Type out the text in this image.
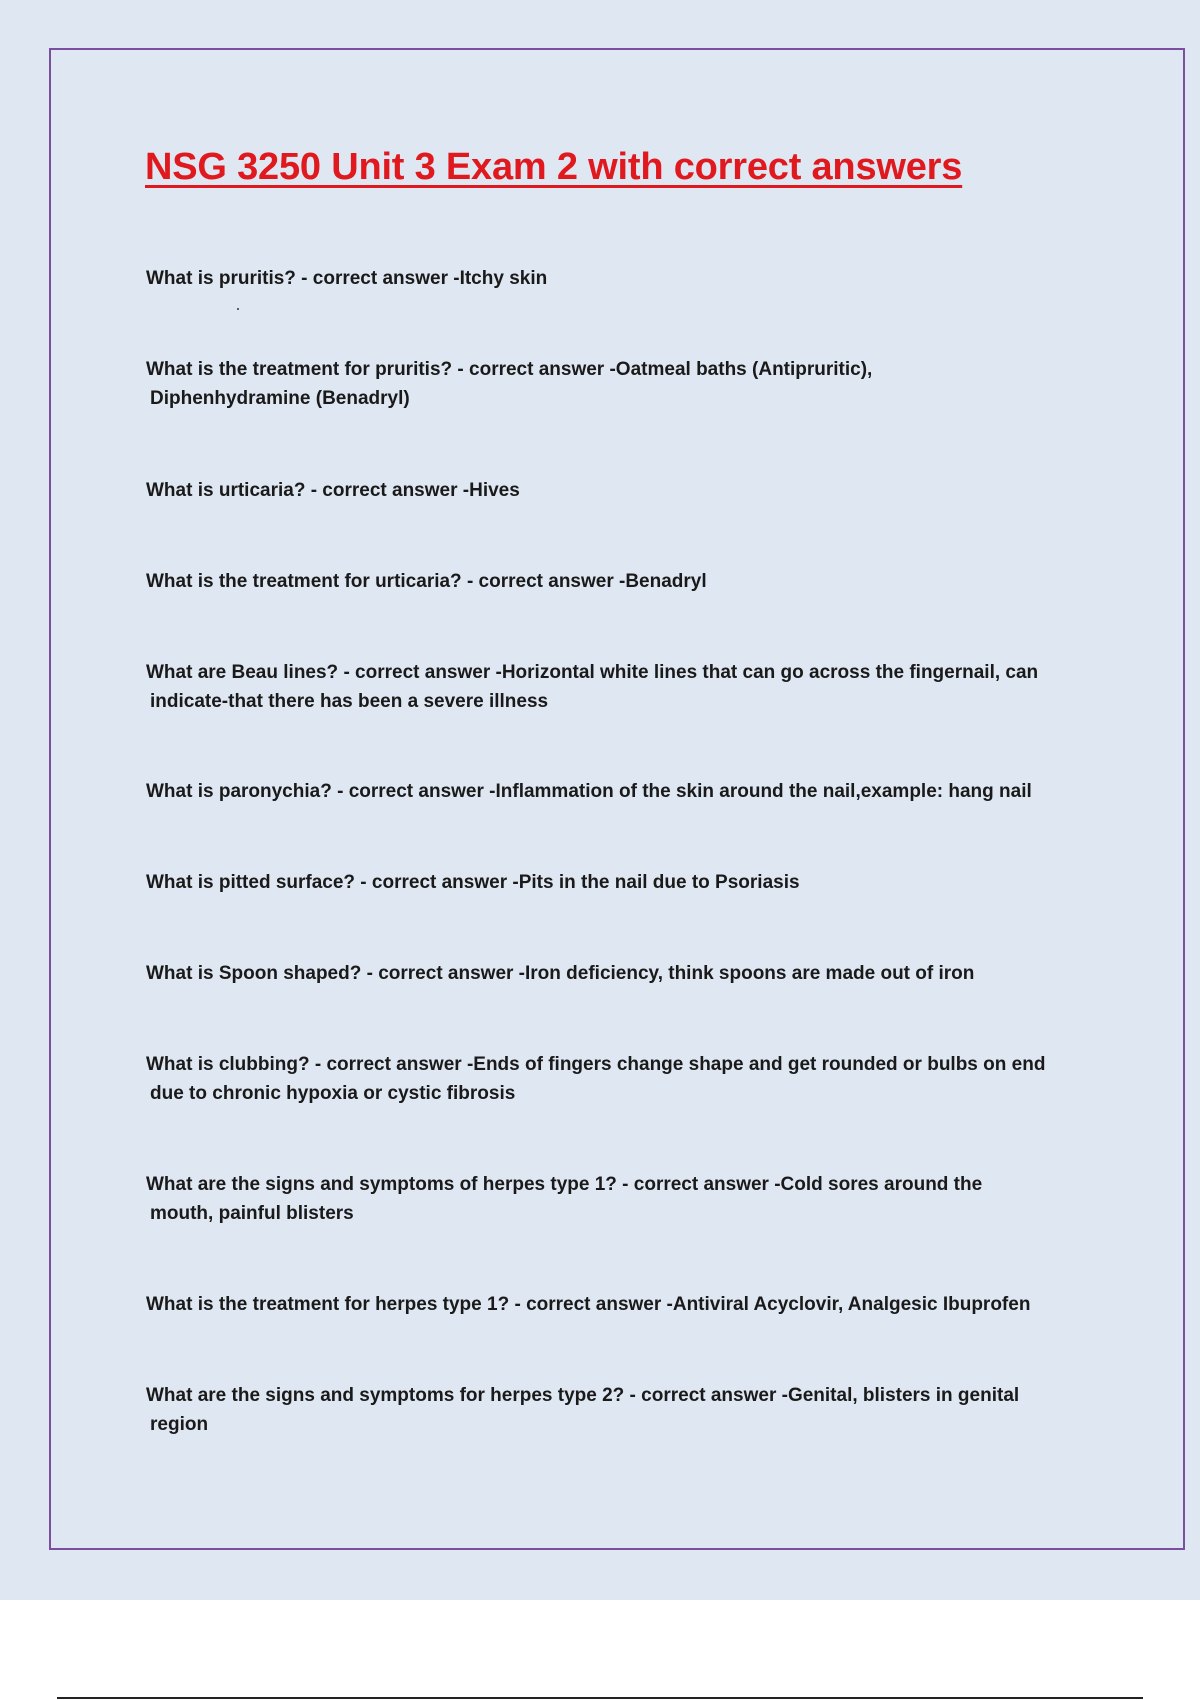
NSG 3250 Unit 3 Exam 2 with correct answers
What is pruritis? - correct answer -Itchy skin
What is the treatment for pruritis? - correct answer -Oatmeal baths (Antipruritic),
Diphenhydramine (Benadryl)
What is urticaria? - correct answer -Hives
What is the treatment for urticaria? - correct answer -Benadryl
What are Beau lines? - correct answer -Horizontal white lines that can go across the fingernail, can
indicate-that there has been a severe illness
What is paronychia? - correct answer -Inflammation of the skin around the nail,example: hang nail
What is pitted surface? - correct answer -Pits in the nail due to Psoriasis
What is Spoon shaped? - correct answer -Iron deficiency, think spoons are made out of iron
What is clubbing? - correct answer -Ends of fingers change shape and get rounded or bulbs on end
due to chronic hypoxia or cystic fibrosis
What are the signs and symptoms of herpes type 1? - correct answer -Cold sores around the
mouth, painful blisters
What is the treatment for herpes type 1? - correct answer -Antiviral Acyclovir, Analgesic Ibuprofen
What are the signs and symptoms for herpes type 2? - correct answer -Genital, blisters in genital
region
